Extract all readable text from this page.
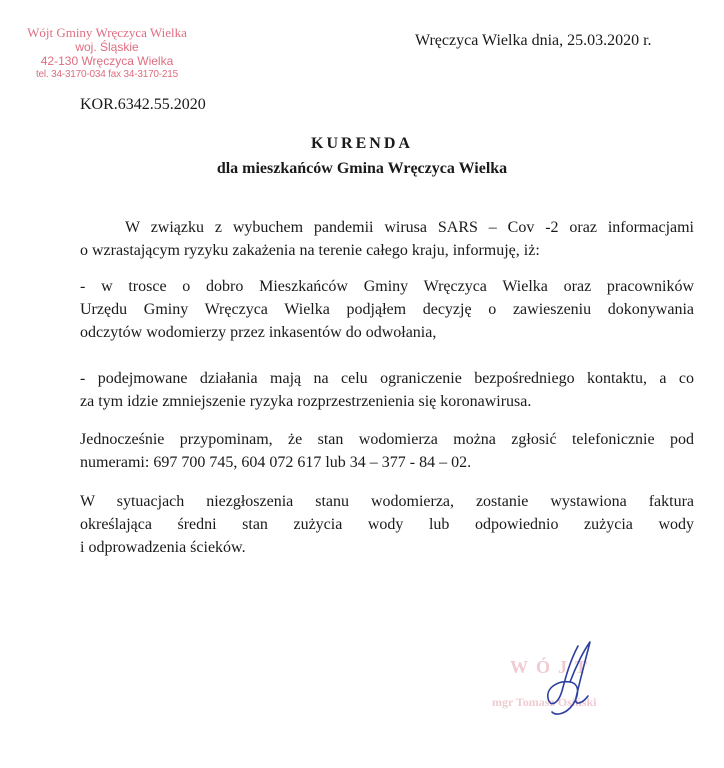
Wójt Gminy Wręczyca Wielka
woj. Śląskie
42-130 Wręczyca Wielka
tel. 34-3170-034 fax 34-3170-215
Wręczyca Wielka dnia, 25.03.2020 r.
KOR.6342.55.2020
KURENDA
dla mieszkańców Gmina Wręczyca Wielka
W związku z wybuchem pandemii wirusa SARS – Cov -2 oraz informacjami
o wzrastającym ryzyku zakażenia na terenie całego kraju, informuję, iż:
- w trosce o dobro Mieszkańców Gminy Wręczyca Wielka oraz pracowników
Urzędu Gminy Wręczyca Wielka podjąłem decyzję o zawieszeniu dokonywania
odczytów wodomierzy przez inkasentów do odwołania,
- podejmowane działania mają na celu ograniczenie bezpośredniego kontaktu, a co
za tym idzie zmniejszenie ryzyka rozprzestrzenienia się koronawirusa.
Jednocześnie przypominam, że stan wodomierza można zgłosić telefonicznie pod
numerami: 697 700 745, 604 072 617 lub 34 – 377 - 84 – 02.
W sytuacjach niezgłoszenia stanu wodomierza, zostanie wystawiona faktura
określająca średni stan zużycia wody lub odpowiednio zużycia wody
i odprowadzenia ścieków.
WÓJT
mgr Tomasz Osiński
